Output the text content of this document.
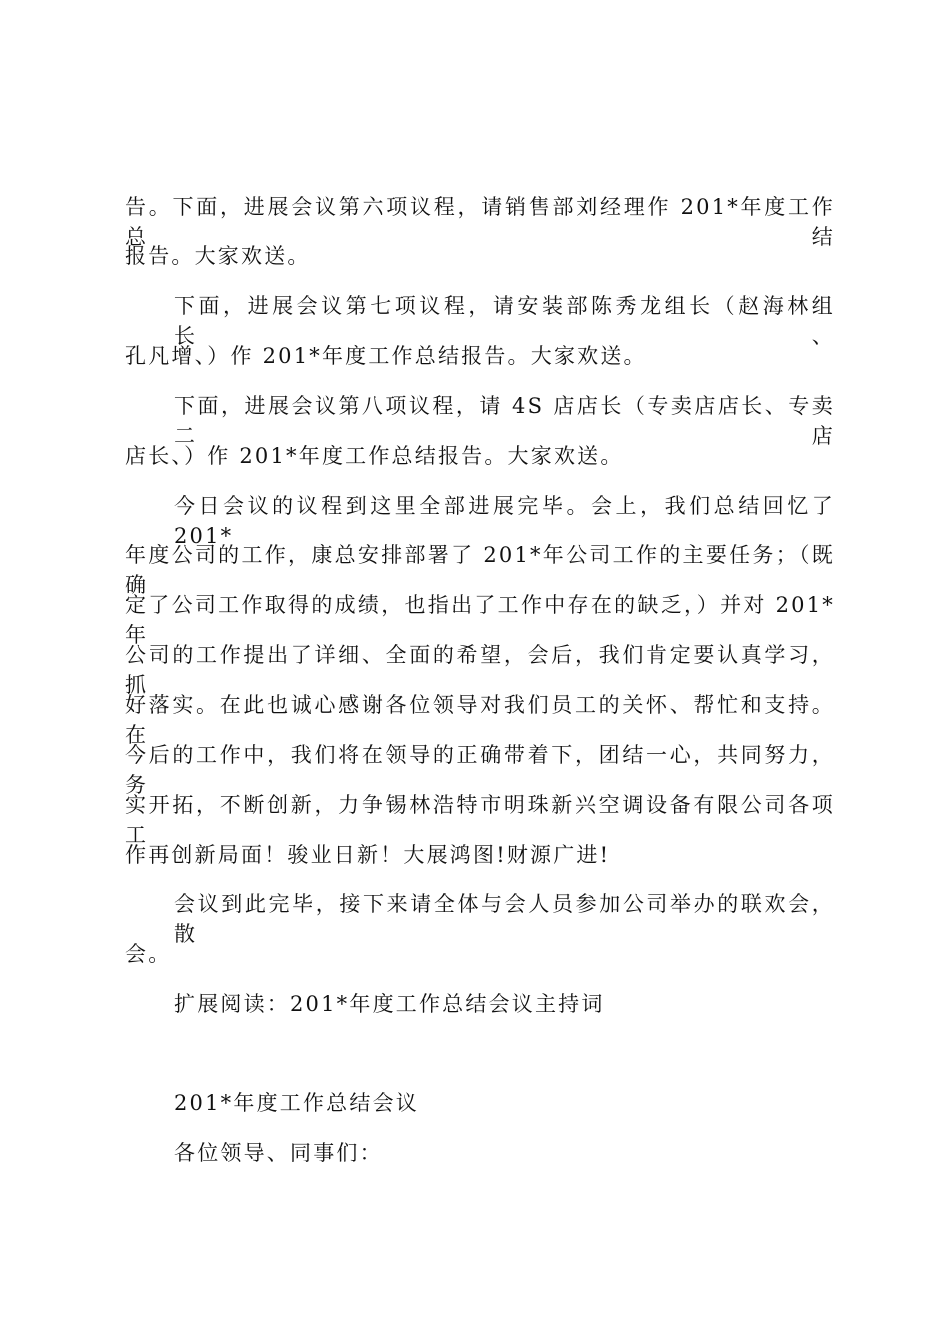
告。下面，进展会议第六项议程，请销售部刘经理作 201*年度工作总结

报告。大家欢送。

下面，进展会议第七项议程，请安装部陈秀龙组长（赵海林组长、

孔凡增、）作 201*年度工作总结报告。大家欢送。

下面，进展会议第八项议程，请 4S 店店长（专卖店店长、专卖二店

店长、）作 201*年度工作总结报告。大家欢送。

今日会议的议程到这里全部进展完毕。会上，我们总结回忆了 201*

年度公司的工作，康总安排部署了 201*年公司工作的主要任务；（既确

定了公司工作取得的成绩，也指出了工作中存在的缺乏，）并对 201*年

公司的工作提出了详细、全面的希望，会后，我们肯定要认真学习，抓

好落实。在此也诚心感谢各位领导对我们员工的关怀、帮忙和支持。在

今后的工作中，我们将在领导的正确带着下，团结一心，共同努力，务

实开拓，不断创新，力争锡林浩特市明珠新兴空调设备有限公司各项工

作再创新局面！骏业日新！大展鸿图!财源广进!

会议到此完毕，接下来请全体与会人员参加公司举办的联欢会，散

会。

扩展阅读：201*年度工作总结会议主持词

201*年度工作总结会议

各位领导、同事们：
